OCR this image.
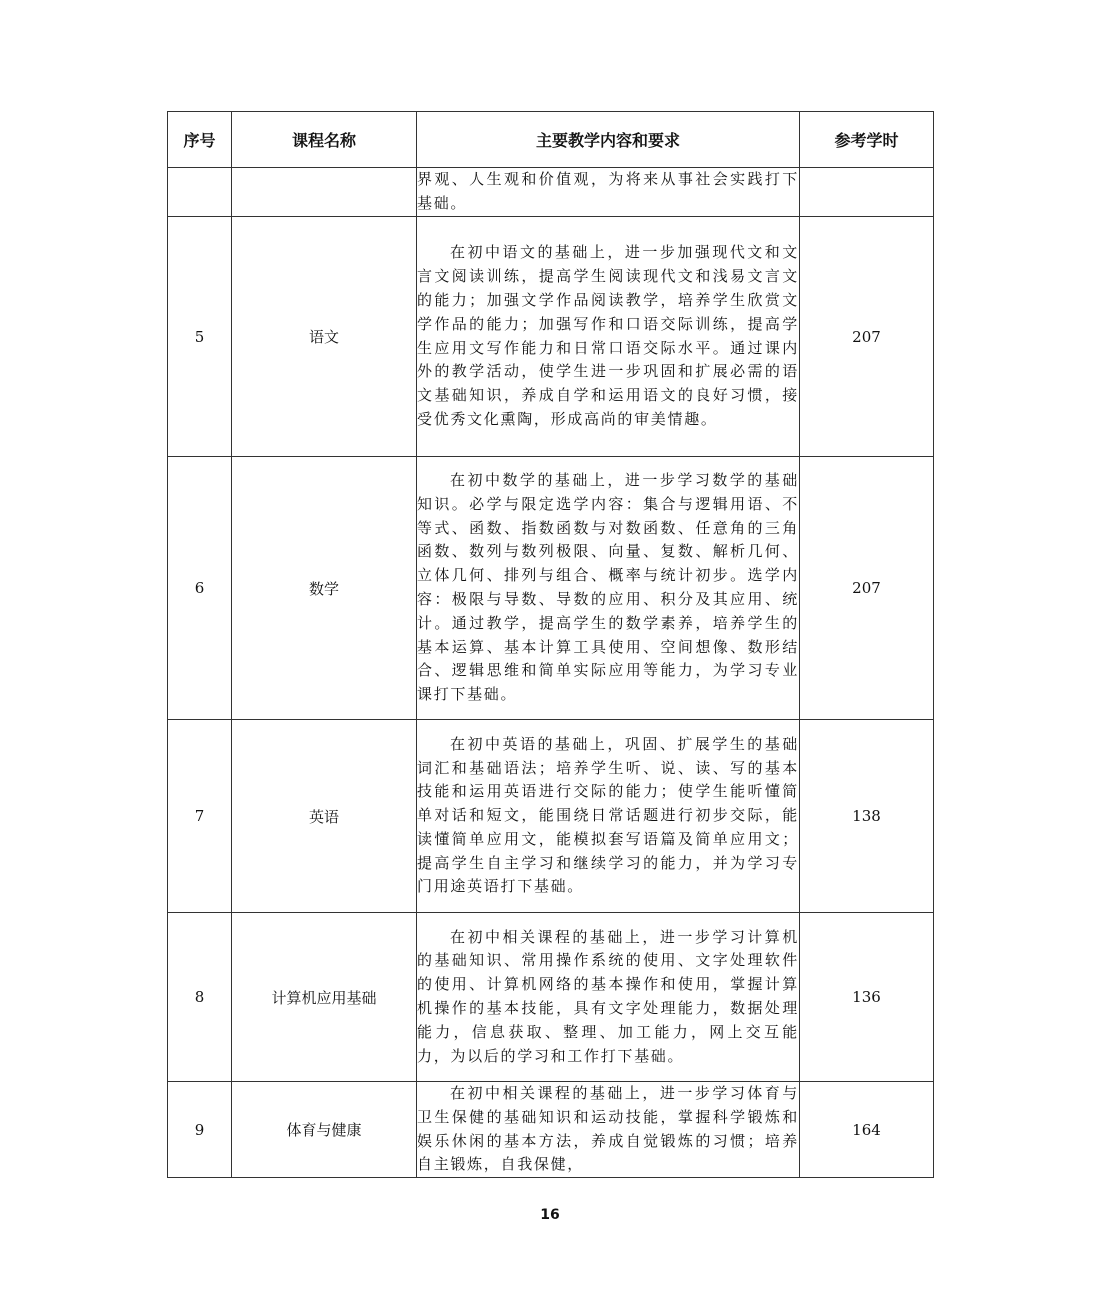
序号	课程名称	主要教学内容和要求	参考学时

		界观、人生观和价值观，为将来从事社会实践打下基础。	

5	语文	在初中语文的基础上，进一步加强现代文和文言文阅读训练，提高学生阅读现代文和浅易文言文的能力；加强文学作品阅读教学，培养学生欣赏文学作品的能力；加强写作和口语交际训练，提高学生应用文写作能力和日常口语交际水平。通过课内外的教学活动，使学生进一步巩固和扩展必需的语文基础知识，养成自学和运用语文的良好习惯，接受优秀文化熏陶，形成高尚的审美情趣。	207
6	数学	在初中数学的基础上，进一步学习数学的基础知识。必学与限定选学内容：集合与逻辑用语、不等式、函数、指数函数与对数函数、任意角的三角函数、数列与数列极限、向量、复数、解析几何、立体几何、排列与组合、概率与统计初步。选学内容：极限与导数、导数的应用、积分及其应用、统计。通过教学，提高学生的数学素养，培养学生的基本运算、基本计算工具使用、空间想像、数形结合、逻辑思维和简单实际应用等能力，为学习专业课打下基础。	207
7	英语	在初中英语的基础上，巩固、扩展学生的基础词汇和基础语法；培养学生听、说、读、写的基本技能和运用英语进行交际的能力；使学生能听懂简单对话和短文，能围绕日常话题进行初步交际，能读懂简单应用文，能模拟套写语篇及简单应用文；提高学生自主学习和继续学习的能力，并为学习专门用途英语打下基础。	138
8	计算机应用基础	在初中相关课程的基础上，进一步学习计算机的基础知识、常用操作系统的使用、文字处理软件的使用、计算机网络的基本操作和使用，掌握计算机操作的基本技能，具有文字处理能力，数据处理能力，信息获取、整理、加工能力，网上交互能力，为以后的学习和工作打下基础。	136
9	体育与健康	在初中相关课程的基础上，进一步学习体育与卫生保健的基础知识和运动技能，掌握科学锻炼和娱乐休闲的基本方法，养成自觉锻炼的习惯；培养自主锻炼，自我保健，	164
16
